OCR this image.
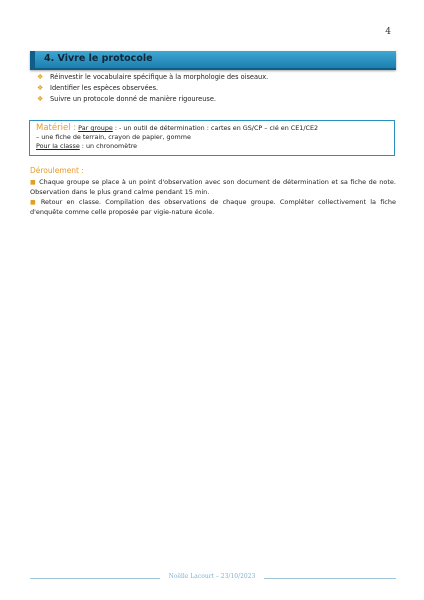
4
4. Vivre le protocole
❖ Réinvestir le vocabulaire spécifique à la morphologie des oiseaux.
❖ Identifier les espèces observées.
❖ Suivre un protocole donné de manière rigoureuse.
Matériel : Par groupe : - un outil de détermination : cartes en GS/CP – clé en CE1/CE2
– une fiche de terrain, crayon de papier, gomme
Pour la classe : un chronomètre
Déroulement :
■ Chaque groupe se place à un point d'observation avec son document de détermination et sa fiche de note. Observation dans le plus grand calme pendant 15 min.
■ Retour en classe. Compilation des observations de chaque groupe. Compléter collectivement la fiche d'enquête comme celle proposée par vigie-nature école.
Noëlle Lacourt – 23/10/2023
